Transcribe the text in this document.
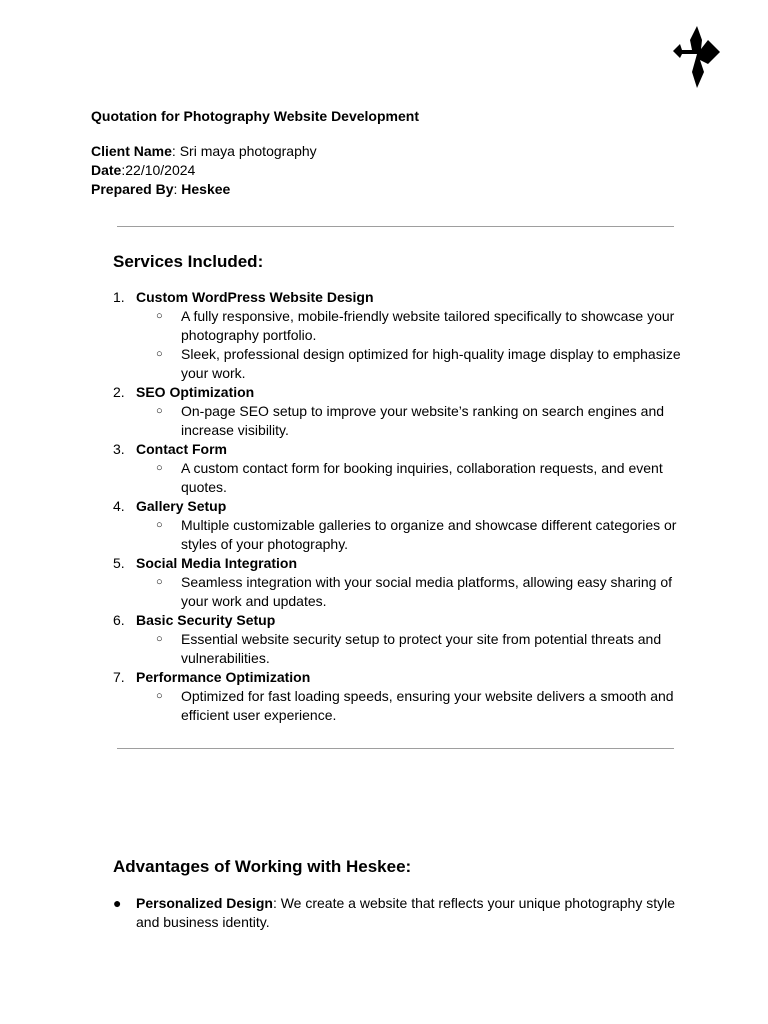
Quotation for Photography Website Development
Client Name: Sri maya photography
Date:22/10/2024
Prepared By: Heskee
Services Included:
1. Custom WordPress Website Design
○ A fully responsive, mobile-friendly website tailored specifically to showcase your photography portfolio.
○ Sleek, professional design optimized for high-quality image display to emphasize your work.
2. SEO Optimization
○ On-page SEO setup to improve your website’s ranking on search engines and increase visibility.
3. Contact Form
○ A custom contact form for booking inquiries, collaboration requests, and event quotes.
4. Gallery Setup
○ Multiple customizable galleries to organize and showcase different categories or styles of your photography.
5. Social Media Integration
○ Seamless integration with your social media platforms, allowing easy sharing of your work and updates.
6. Basic Security Setup
○ Essential website security setup to protect your site from potential threats and vulnerabilities.
7. Performance Optimization
○ Optimized for fast loading speeds, ensuring your website delivers a smooth and efficient user experience.
Advantages of Working with Heskee:
● Personalized Design: We create a website that reflects your unique photography style and business identity.
